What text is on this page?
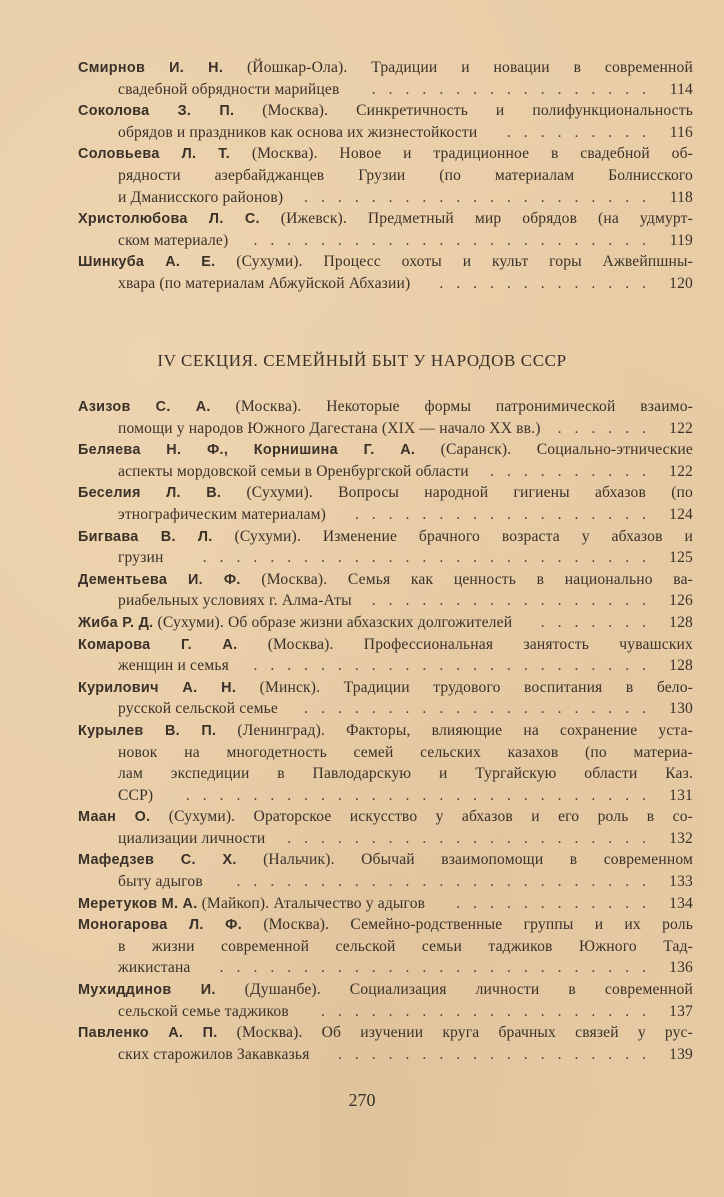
Смирнов И. Н. (Йошкар-Ола). Традиции и новации в современной
свадебной обрядности марийцев ................. 114
Соколова З. П. (Москва). Синкретичность и полифункциональность
обрядов и праздников как основа их жизнестойкости ......... 116
Соловьева Л. Т. (Москва). Новое и традиционное в свадебной об-
рядности азербайджанцев Грузии (по материалам Болнисского
и Дманисского районов) ..................... 118
Христолюбова Л. С. (Ижевск). Предметный мир обрядов (на удмурт-
ском материале) ........................ 119
Шинкуба А. Е. (Сухуми). Процесс охоты и культ горы Ажвейпшны-
хвара (по материалам Абжуйской Абхазии) ............. 120
IV СЕКЦИЯ. СЕМЕЙНЫЙ БЫТ У НАРОДОВ СССР
Азизов С. А. (Москва). Некоторые формы патронимической взаимо-
помощи у народов Южного Дагестана (XIX — начало XX вв.) ...... 122
Беляева Н. Ф., Корнишина Г. А. (Саранск). Социально-этнические
аспекты мордовской семьи в Оренбургской области .......... 122
Беселия Л. В. (Сухуми). Вопросы народной гигиены абхазов (по
этнографическим материалам) .................. 124
Бигвава В. Л. (Сухуми). Изменение брачного возраста у абхазов и
грузин	........................... 125
Дементьева И. Ф. (Москва). Семья как ценность в национально ва-
риабельных условиях г. Алма-Аты ................. 126
Жиба Р. Д. (Сухуми). Об образе жизни абхазских долгожителей ....... 128
Комарова Г. А. (Москва). Профессиональная занятость чувашских
женщин и семья ........................ 128
Курилович А. Н. (Минск). Традиции трудового воспитания в бело-
русской сельской семье ..................... 130
Курылев В. П. (Ленинград). Факторы, влияющие на сохранение уста-
новок на многодетность семей сельских казахов (по материа-
лам экспедиции в Павлодарскую и Тургайскую области Каз.
ССР) ............................ 131
Маан О. (Сухуми). Ораторское искусство у абхазов и его роль в со-
циализации личности ...................... 132
Мафедзев С. Х. (Нальчик). Обычай взаимопомощи в современном
быту адыгов ......................... 133
Меретуков М. А. (Майкоп). Аталычество у адыгов ............ 134
Моногарова Л. Ф. (Москва). Семейно-родственные группы и их роль
в жизни современной сельской семьи таджиков Южного Тад-
жикистана .......................... 136
Мухиддинов И. (Душанбе). Социализация личности в современной
сельской семье таджиков .................... 137
Павленко А. П. (Москва). Об изучении круга брачных связей у рус-
ских старожилов Закавказья ................... 139
270
